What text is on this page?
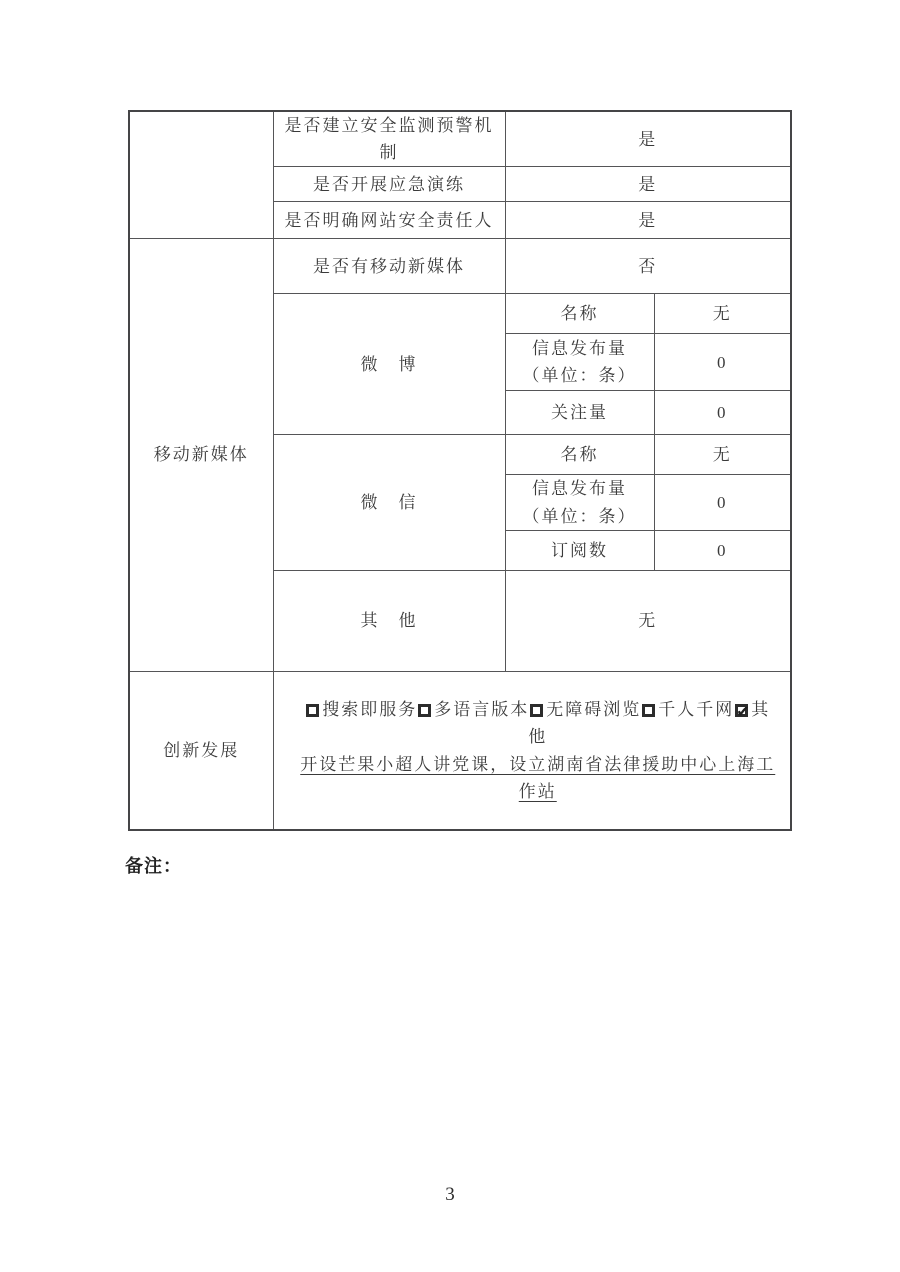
	是否建立安全监测预警机制	是	
	是否开展应急演练	是	
	是否明确网站安全责任人	是	
移动新媒体	是否有移动新媒体	否	
	微　博	名称	无
		信息发布量（单位：条）	0
		关注量	0
	微　信	名称	无
		信息发布量（单位：条）	0
		订阅数	0
	其　他	无	
创新发展	搜索即服务 多语言版本 无障碍浏览 千人千网 ✔ 其他
开设芒果小超人讲党课，设立湖南省法律援助中心上海工作站
备注：
3
